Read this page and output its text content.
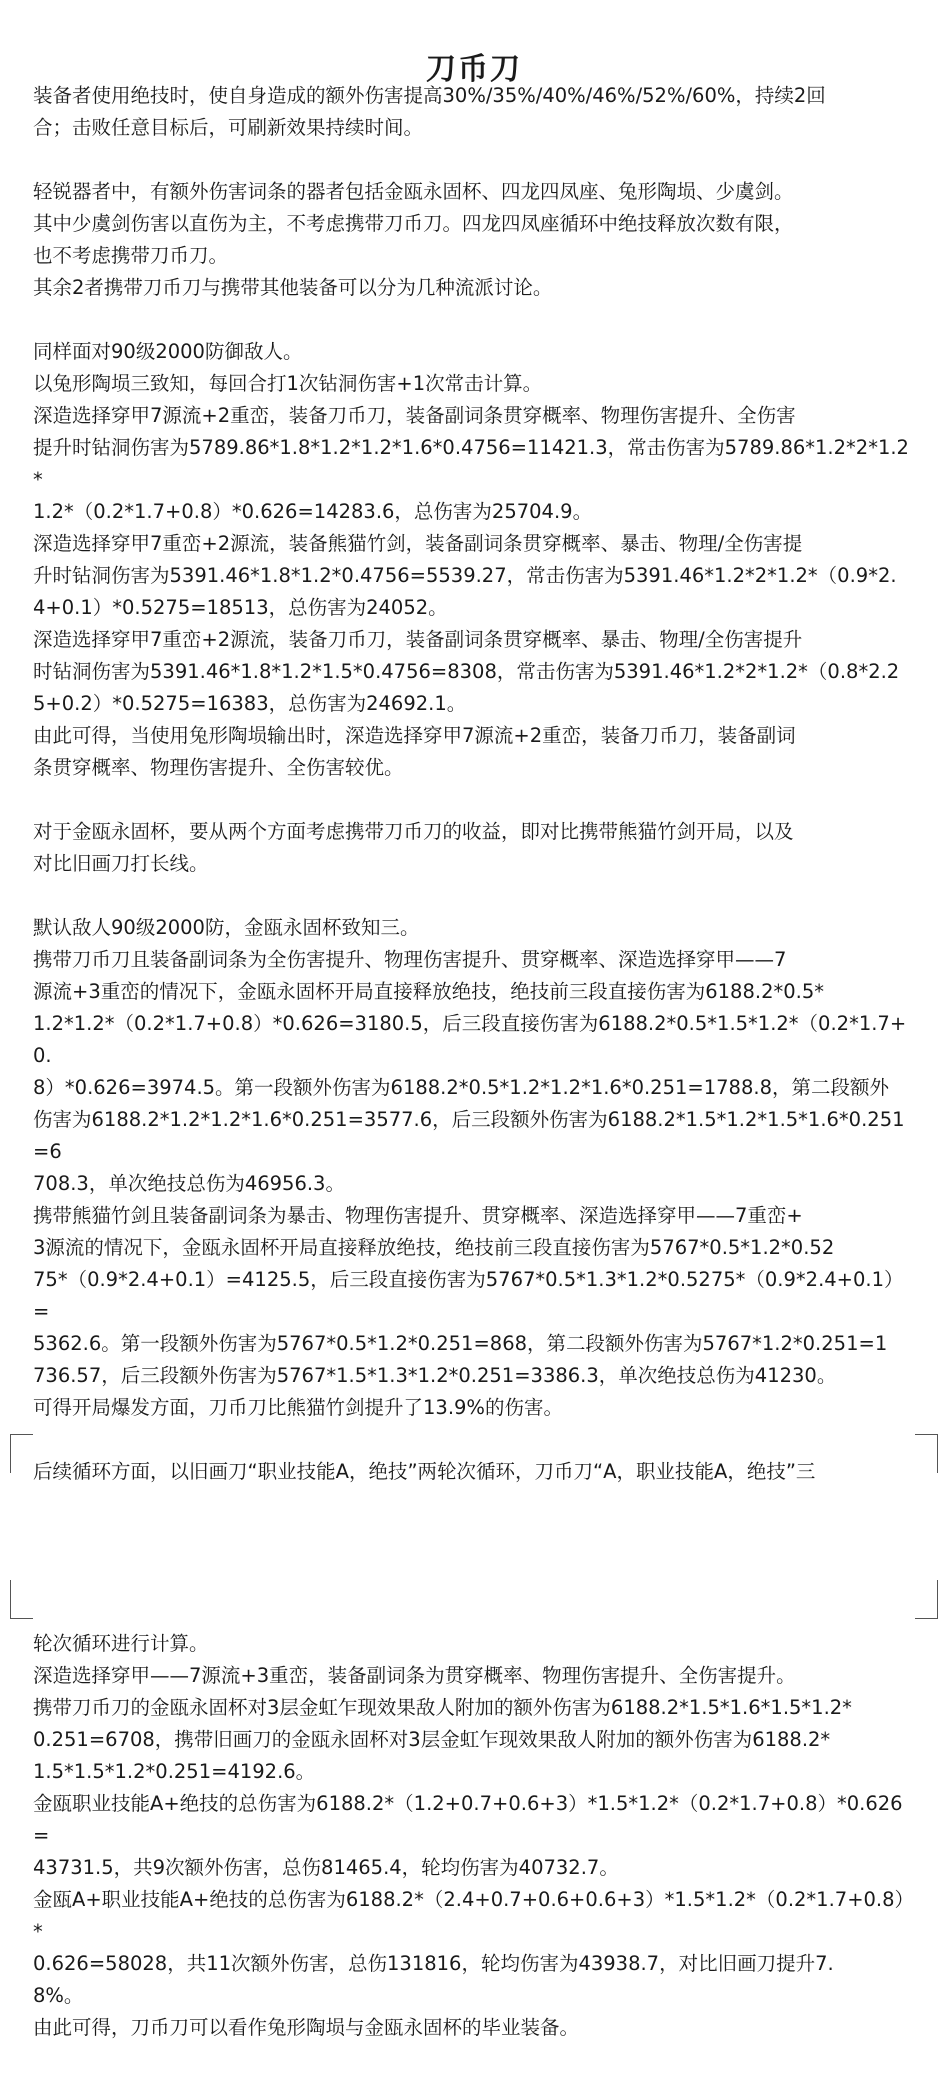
刀币刀

装备者使用绝技时，使自身造成的额外伤害提高30%/35%/40%/46%/52%/60%，持续2回

合；击败任意目标后，可刷新效果持续时间。

轻锐器者中，有额外伤害词条的器者包括金瓯永固杯、四龙四凤座、兔形陶埙、少虞剑。

其中少虞剑伤害以直伤为主，不考虑携带刀币刀。四龙四凤座循环中绝技释放次数有限，

也不考虑携带刀币刀。

其余2者携带刀币刀与携带其他装备可以分为几种流派讨论。

同样面对90级2000防御敌人。

以兔形陶埙三致知，每回合打1次钻洞伤害+1次常击计算。

深造选择穿甲7源流+2重峦，装备刀币刀，装备副词条贯穿概率、物理伤害提升、全伤害

提升时钻洞伤害为5789.86*1.8*1.2*1.2*1.6*0.4756=11421.3，常击伤害为5789.86*1.2*2*1.2*

1.2*（0.2*1.7+0.8）*0.626=14283.6，总伤害为25704.9。

深造选择穿甲7重峦+2源流，装备熊猫竹剑，装备副词条贯穿概率、暴击、物理/全伤害提

升时钻洞伤害为5391.46*1.8*1.2*0.4756=5539.27，常击伤害为5391.46*1.2*2*1.2*（0.9*2.

4+0.1）*0.5275=18513，总伤害为24052。

深造选择穿甲7重峦+2源流，装备刀币刀，装备副词条贯穿概率、暴击、物理/全伤害提升

时钻洞伤害为5391.46*1.8*1.2*1.5*0.4756=8308，常击伤害为5391.46*1.2*2*1.2*（0.8*2.2

5+0.2）*0.5275=16383，总伤害为24692.1。

由此可得，当使用兔形陶埙输出时，深造选择穿甲7源流+2重峦，装备刀币刀，装备副词

条贯穿概率、物理伤害提升、全伤害较优。

对于金瓯永固杯，要从两个方面考虑携带刀币刀的收益，即对比携带熊猫竹剑开局，以及

对比旧画刀打长线。

默认敌人90级2000防，金瓯永固杯致知三。

携带刀币刀且装备副词条为全伤害提升、物理伤害提升、贯穿概率、深造选择穿甲——7

源流+3重峦的情况下，金瓯永固杯开局直接释放绝技，绝技前三段直接伤害为6188.2*0.5*

1.2*1.2*（0.2*1.7+0.8）*0.626=3180.5，后三段直接伤害为6188.2*0.5*1.5*1.2*（0.2*1.7+0.

8）*0.626=3974.5。第一段额外伤害为6188.2*0.5*1.2*1.2*1.6*0.251=1788.8，第二段额外

伤害为6188.2*1.2*1.2*1.6*0.251=3577.6，后三段额外伤害为6188.2*1.5*1.2*1.5*1.6*0.251=6

708.3，单次绝技总伤为46956.3。

携带熊猫竹剑且装备副词条为暴击、物理伤害提升、贯穿概率、深造选择穿甲——7重峦+

3源流的情况下，金瓯永固杯开局直接释放绝技，绝技前三段直接伤害为5767*0.5*1.2*0.52

75*（0.9*2.4+0.1）=4125.5，后三段直接伤害为5767*0.5*1.3*1.2*0.5275*（0.9*2.4+0.1）=

5362.6。第一段额外伤害为5767*0.5*1.2*0.251=868，第二段额外伤害为5767*1.2*0.251=1

736.57，后三段额外伤害为5767*1.5*1.3*1.2*0.251=3386.3，单次绝技总伤为41230。

可得开局爆发方面，刀币刀比熊猫竹剑提升了13.9%的伤害。

后续循环方面，以旧画刀“职业技能A，绝技”两轮次循环，刀币刀“A，职业技能A，绝技”三

轮次循环进行计算。

深造选择穿甲——7源流+3重峦，装备副词条为贯穿概率、物理伤害提升、全伤害提升。

携带刀币刀的金瓯永固杯对3层金虹乍现效果敌人附加的额外伤害为6188.2*1.5*1.6*1.5*1.2*

0.251=6708，携带旧画刀的金瓯永固杯对3层金虹乍现效果敌人附加的额外伤害为6188.2*

1.5*1.5*1.2*0.251=4192.6。

金瓯职业技能A+绝技的总伤害为6188.2*（1.2+0.7+0.6+3）*1.5*1.2*（0.2*1.7+0.8）*0.626=

43731.5，共9次额外伤害，总伤81465.4，轮均伤害为40732.7。

金瓯A+职业技能A+绝技的总伤害为6188.2*（2.4+0.7+0.6+0.6+3）*1.5*1.2*（0.2*1.7+0.8）*

0.626=58028，共11次额外伤害，总伤131816，轮均伤害为43938.7，对比旧画刀提升7.

8%。

由此可得，刀币刀可以看作兔形陶埙与金瓯永固杯的毕业装备。
